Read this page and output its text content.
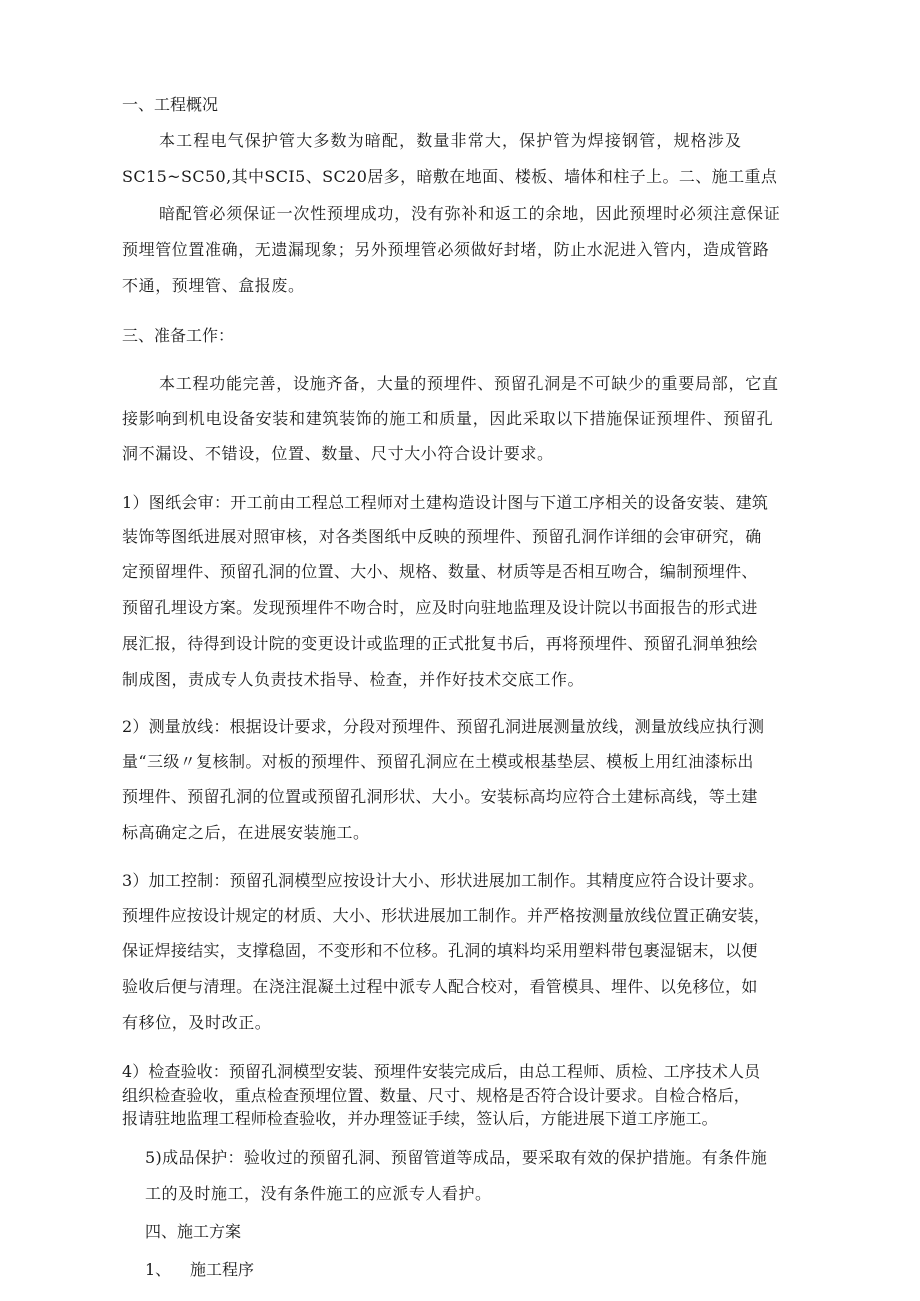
一、工程概况
本工程电气保护管大多数为暗配，数量非常大，保护管为焊接钢管，规格涉及
SC15~SC50,其中SCI5、SC20居多，暗敷在地面、楼板、墙体和柱子上。二、施工重点
暗配管必须保证一次性预埋成功，没有弥补和返工的余地，因此预埋时必须注意保证
预埋管位置准确，无遗漏现象；另外预埋管必须做好封堵，防止水泥进入管内，造成管路
不通，预埋管、盒报废。
三、准备工作：
本工程功能完善，设施齐备，大量的预埋件、预留孔洞是不可缺少的重要局部，它直
接影响到机电设备安装和建筑装饰的施工和质量，因此采取以下措施保证预埋件、预留孔
洞不漏设、不错设，位置、数量、尺寸大小符合设计要求。
1）图纸会审：开工前由工程总工程师对土建构造设计图与下道工序相关的设备安装、建筑
装饰等图纸进展对照审核，对各类图纸中反映的预埋件、预留孔洞作详细的会审研究，确
定预留埋件、预留孔洞的位置、大小、规格、数量、材质等是否相互吻合，编制预埋件、
预留孔埋设方案。发现预埋件不吻合时，应及时向驻地监理及设计院以书面报告的形式进
展汇报，待得到设计院的变更设计或监理的正式批复书后，再将预埋件、预留孔洞单独绘
制成图，责成专人负责技术指导、检查，并作好技术交底工作。
2）测量放线：根据设计要求，分段对预埋件、预留孔洞进展测量放线，测量放线应执行测
量“三级〃复核制。对板的预埋件、预留孔洞应在土模或根基垫层、模板上用红油漆标出
预埋件、预留孔洞的位置或预留孔洞形状、大小。安装标高均应符合土建标高线，等土建
标高确定之后，在进展安装施工。
3）加工控制：预留孔洞模型应按设计大小、形状进展加工制作。其精度应符合设计要求。
预埋件应按设计规定的材质、大小、形状进展加工制作。并严格按测量放线位置正确安装，
保证焊接结实，支撑稳固，不变形和不位移。孔洞的填料均采用塑料带包裹湿锯末，以便
验收后便与清理。在浇注混凝土过程中派专人配合校对，看管模具、埋件、以免移位，如
有移位，及时改正。
4）检查验收：预留孔洞模型安装、预埋件安装完成后，由总工程师、质检、工序技术人员
组织检查验收，重点检查预埋位置、数量、尺寸、规格是否符合设计要求。自检合格后，
报请驻地监理工程师检查验收，并办理签证手续，签认后，方能进展下道工序施工。
5)成品保护：验收过的预留孔洞、预留管道等成品，要采取有效的保护措施。有条件施
工的及时施工，没有条件施工的应派专人看护。
四、施工方案
1、 施工程序
